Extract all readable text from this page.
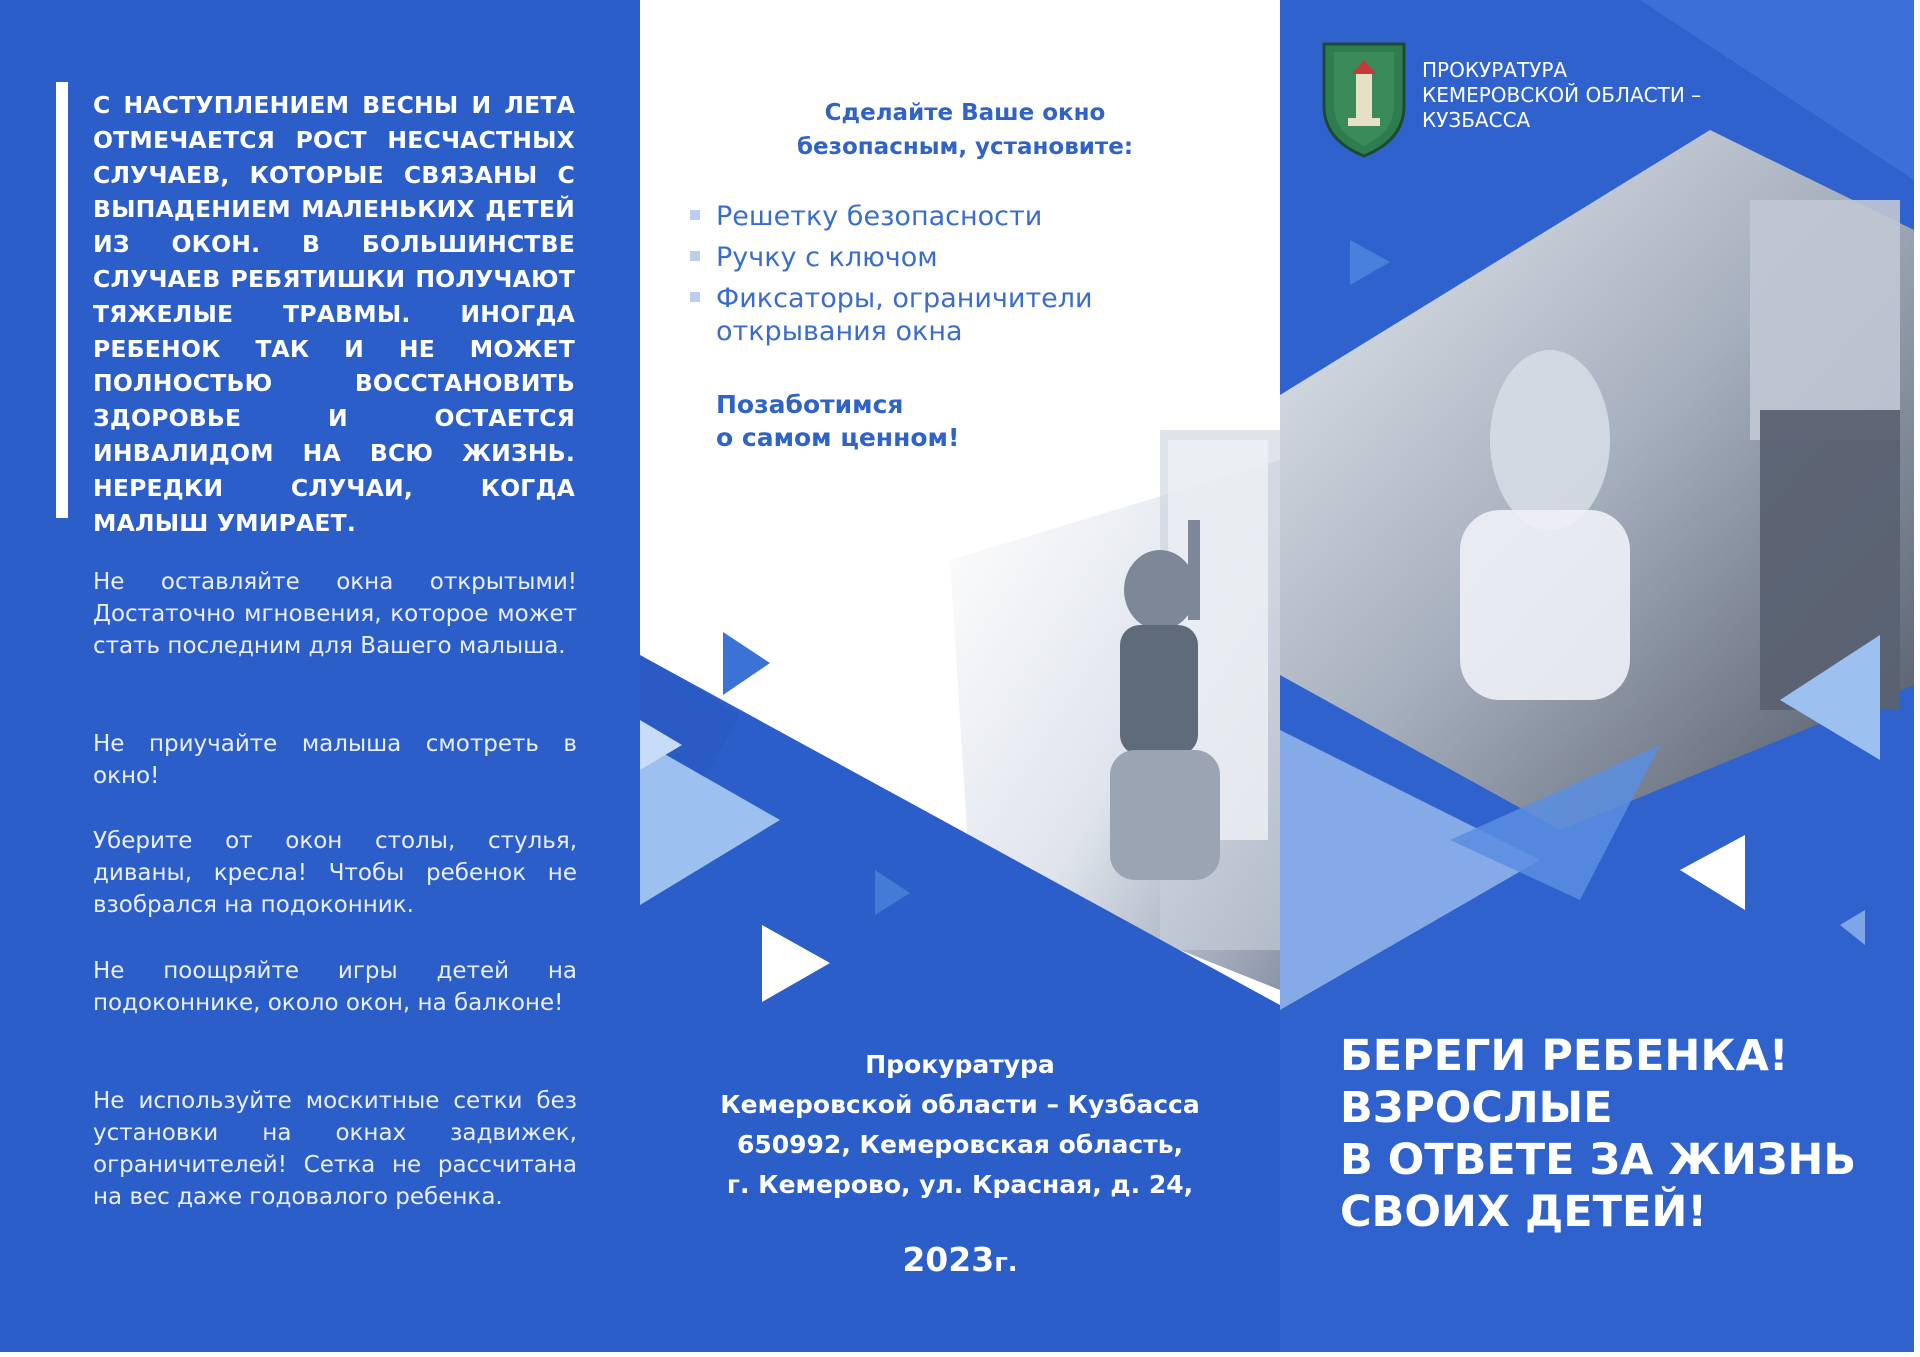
С НАСТУПЛЕНИЕМ ВЕСНЫ И ЛЕТА ОТМЕЧАЕТСЯ РОСТ НЕСЧАСТНЫХ СЛУЧАЕВ, КОТОРЫЕ СВЯЗАНЫ С ВЫПАДЕНИЕМ МАЛЕНЬКИХ ДЕТЕЙ ИЗ ОКОН. В БОЛЬШИНСТВЕ СЛУЧАЕВ РЕБЯТИШКИ ПОЛУЧАЮТ ТЯЖЕЛЫЕ ТРАВМЫ. ИНОГДА РЕБЕНОК ТАК И НЕ МОЖЕТ ПОЛНОСТЬЮ ВОССТАНОВИТЬ ЗДОРОВЬЕ И ОСТАЕТСЯ ИНВАЛИДОМ НА ВСЮ ЖИЗНЬ. НЕРЕДКИ СЛУЧАИ, КОГДА МАЛЫШ УМИРАЕТ.

Не оставляйте окна открытыми! Достаточно мгновения, которое может стать последним для Вашего малыша.

Не приучайте малыша смотреть в окно!

Уберите от окон столы, стулья, диваны, кресла! Чтобы ребенок не взобрался на подоконник.

Не поощряйте игры детей на подоконнике, около окон, на балконе!

Не используйте москитные сетки без установки на окнах задвижек, ограничителей! Сетка не рассчитана на вес даже годовалого ребенка.

Сделайте Ваше окно
безопасным, установите:

Решетку безопасности
Ручку с ключом
Фиксаторы, ограничители открывания окна

Позаботимся
о самом ценном!

Прокуратура
Кемеровской области – Кузбасса
650992, Кемеровская область,
г. Кемерово, ул. Красная, д. 24,

2023г.

ПРОКУРАТУРА
КЕМЕРОВСКОЙ ОБЛАСТИ –
КУЗБАССА

БЕРЕГИ РЕБЕНКА!
ВЗРОСЛЫЕ
В ОТВЕТЕ ЗА ЖИЗНЬ
СВОИХ ДЕТЕЙ!
